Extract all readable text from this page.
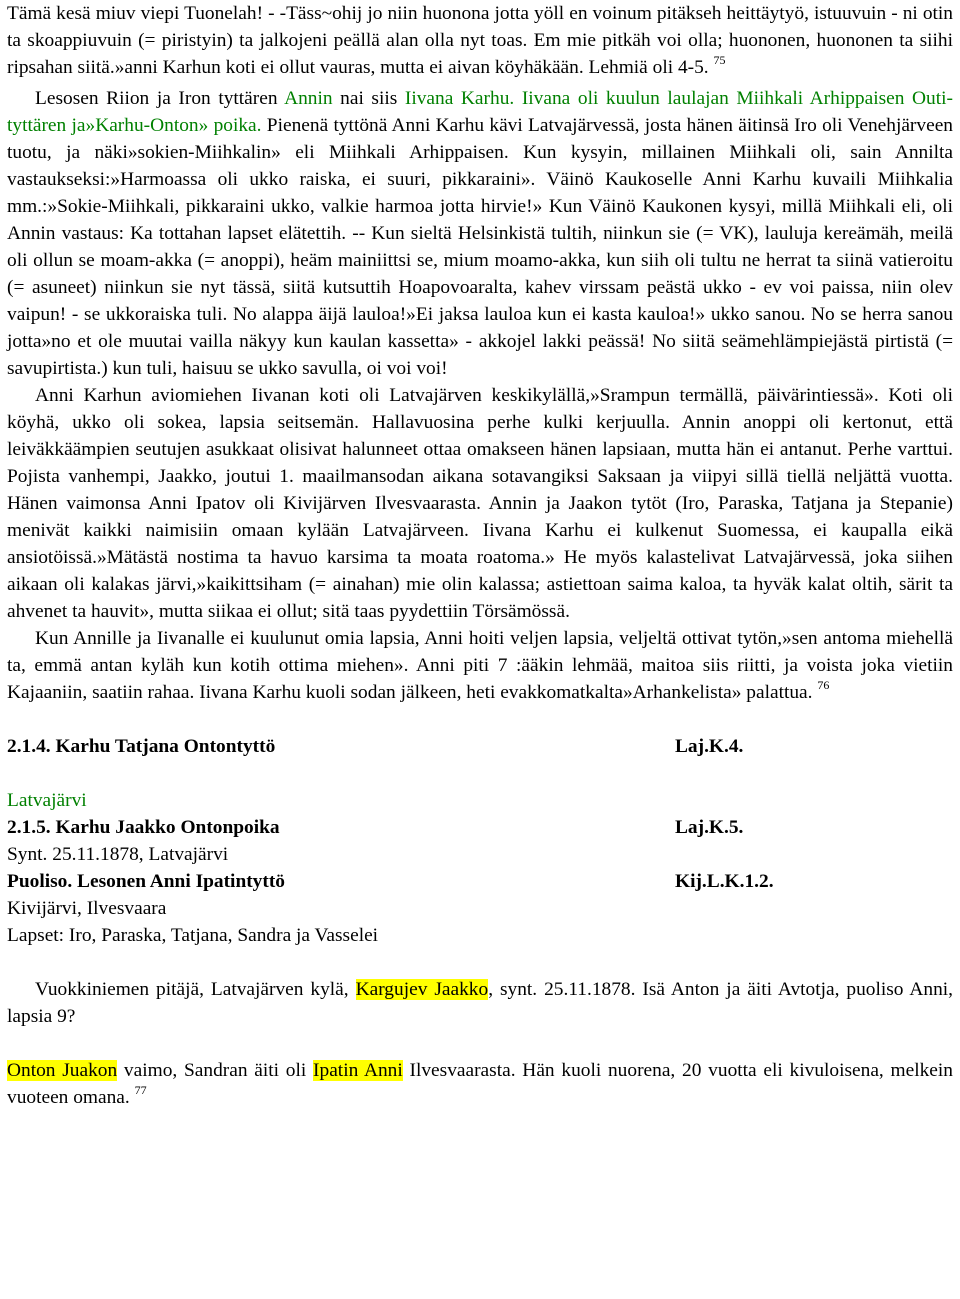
Tämä kesä miuv viepi Tuonelah! - -Täss~ohij jo niin huonona jotta yöll en voinum pitäkseh heittäytyö, istuuvuin - ni otin ta skoappiuvuin (= piristyin) ta jalkojeni peällä alan olla nyt toas. Em mie pitkäh voi olla; huononen, huononen ta siihi ripsahan siitä.»anni Karhun koti ei ollut vauras, mutta ei aivan köyhäkään. Lehmiä oli 4-5. $^{75}$

Lesosen Riion ja Iron tyttären Annin nai siis Iivana Karhu. Iivana oli kuulun laulajan Miihkali Arhippaisen Outi-tyttären ja»Karhu-Onton» poika. Pienenä tyttönä Anni Karhu kävi Latvajärvessä, josta hänen äitinsä Iro oli Venehjärveen tuotu, ja näki»sokien-Miihkalin» eli Miihkali Arhippaisen. Kun kysyin, millainen Miihkali oli, sain Annilta vastaukseksi:»Harmoassa oli ukko raiska, ei suuri, pikkaraini». Väinö Kaukoselle Anni Karhu kuvaili Miihkalia mm.:»Sokie-Miihkali, pikkaraini ukko, valkie harmoa jotta hirvie!» Kun Väinö Kaukonen kysyi, millä Miihkali eli, oli Annin vastaus: Ka tottahan lapset elätettih. -- Kun sieltä Helsinkistä tultih, niinkun sie (= VK), lauluja kereämäh, meilä oli ollun se moam-akka (= anoppi), heäm mainiittsi se, mium moamo-akka, kun siih oli tultu ne herrat ta siinä vatieroitu (= asuneet) niinkun sie nyt tässä, siitä kutsuttih Hoapovoaralta, kahev virssam peästä ukko - ev voi paissa, niin olev vaipun! - se ukkoraiska tuli. No alappa äijä lauloa!»Ei jaksa lauloa kun ei kasta kauloa!» ukko sanou. No se herra sanou jotta»no et ole muutai vailla näkyy kun kaulan kassetta» - akkojel lakki peässä! No siitä seämehlämpiejästä pirtistä (= savupirtista.) kun tuli, haisuu se ukko savulla, oi voi voi!

Anni Karhun aviomiehen Iivanan koti oli Latvajärven keskikylällä,»Srampun termällä, päivärintiessä». Koti oli köyhä, ukko oli sokea, lapsia seitsemän. Hallavuosina perhe kulki kerjuulla. Annin anoppi oli kertonut, että leiväkkäämpien seutujen asukkaat olisivat halunneet ottaa omakseen hänen lapsiaan, mutta hän ei antanut. Perhe varttui. Pojista vanhempi, Jaakko, joutui 1. maailmansodan aikana sotavangiksi Saksaan ja viipyi sillä tiellä neljättä vuotta. Hänen vaimonsa Anni Ipatov oli Kivijärven Ilvesvaarasta. Annin ja Jaakon tytöt (Iro, Paraska, Tatjana ja Stepanie) menivät kaikki naimisiin omaan kylään Latvajärveen. Iivana Karhu ei kulkenut Suomessa, ei kaupalla eikä ansiotöissä.»Mätästä nostima ta havuo karsima ta moata roatoma.» He myös kalastelivat Latvajärvessä, joka siihen aikaan oli kalakas järvi,»kaikittsiham (= ainahan) mie olin kalassa; astiettoan saima kaloa, ta hyväk kalat oltih, särit ta ahvenet ta hauvit», mutta siikaa ei ollut; sitä taas pyydettiin Törsämössä.

Kun Annille ja Iivanalle ei kuulunut omia lapsia, Anni hoiti veljen lapsia, veljeltä ottivat tytön,»sen antoma miehellä ta, emmä antan kyläh kun kotih ottima miehen». Anni piti 7 :ääkin lehmää, maitoa siis riitti, ja voista joka vietiin Kajaaniin, saatiin rahaa. Iivana Karhu kuoli sodan jälkeen, heti evakkomatkalta»Arhankelista» palattua. $^{76}$

2.1.4. Karhu Tatjana Ontontyttö	Laj.K.4.
Latvajärvi
2.1.5. Karhu Jaakko Ontonpoika	Laj.K.5.
Synt. 25.11.1878, Latvajärvi
Puoliso. Lesonen Anni Ipatintyttö	Kij.L.K.1.2.
Kivijärvi, Ilvesvaara
Lapset: Iro, Paraska, Tatjana, Sandra ja Vasselei

Vuokkiniemen pitäjä, Latvajärven kylä, Kargujev Jaakko, synt. 25.11.1878. Isä Anton ja äiti Avtotja, puoliso Anni, lapsia 9?

Onton Juakon vaimo, Sandran äiti oli Ipatin Anni Ilvesvaarasta. Hän kuoli nuorena, 20 vuotta eli kivuloisena, melkein vuoteen omana. $^{77}$
